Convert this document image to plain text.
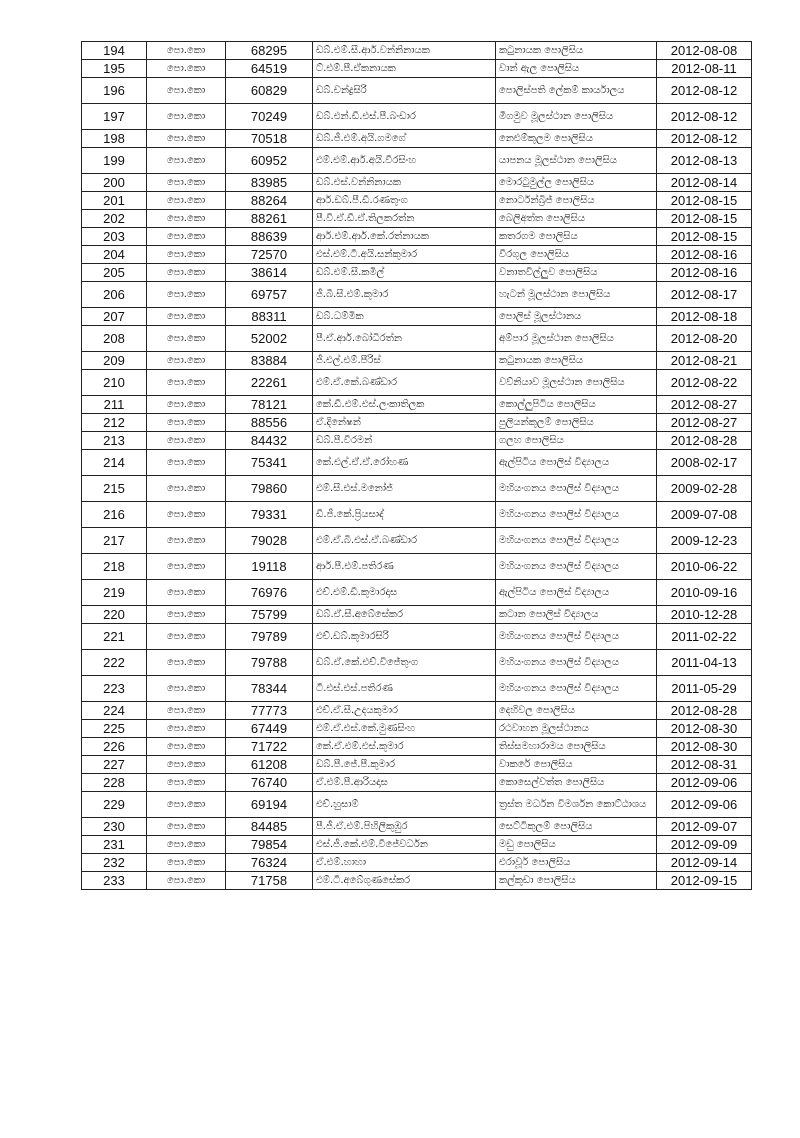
194	පො.කො	68295	ඩබ්.එම්.සී.ආර්.වන්නිනායක	කටුනායක පොලිසිය	2012-08-08
195	පො.කො	64519	ට්.එම්.පී.ඒකනායක	වාන් ඇල පොලිසිය	2012-08-11
196	පො.කො	60829	ඩබ්.චන්ද්‍රසිරි	පොලිස්පති ලේකම් කාර්යාලය	2012-08-12
197	පො.කො	70249	ඩබ්.එන්.ඩී.එස්.පී.බංඩාර	මීගමුව මූලස්ථාන පොලිසිය	2012-08-12
198	පො.කො	70518	ඩබ්.ජී.එම්.අයි.ගමගේ	නෙළුම්කුලම පොලිසිය	2012-08-12
199	පො.කො	60952	එම්.එම්.ආර්.අයි.වීරසිංහ	යාපනය මූලස්ථාන පොලිසිය	2012-08-13
200	පො.කො	83985	ඩබ්.එස්.වන්නිනායක	මොරටුමුල්ල පොලිසිය	2012-08-14
201	පො.කො	88264	ආර්.ඩබ්.පී.ඩී.රණතුංග	නොර්ටන්බ්‍රිජ් පොලිසිය	2012-08-15
202	පො.කො	88261	පී.වී.ඒ.ඩී.ඒ.තිලකරත්න	බෙලිඅත්ත පොලිසිය	2012-08-15
203	පො.කො	88639	ආර්.එම්.ආර්.කේ.රත්නායක	කතරගම පොලිසිය	2012-08-15
204	පො.කො	72570	එස්.එම්.ටී.අයි.සන්කුමාර	වීරගුල පොලිසිය	2012-08-16
205	පො.කො	38614	ඩබ්.එම්.සී.කමිල්	වනාතවිල්ලුව පොලිසිය	2012-08-16
206	පො.කො	69757	ජී.බී.සී.එම්.කුමාර	හැටන් මූලස්ථාන පොලිසිය	2012-08-17
207	පො.කො	88311	ඩබ්.ධම්මික	පොලිස් මූලස්ථානය	2012-08-18
208	පො.කො	52002	පී.ඒ.ආර්.බෝධිරත්න	අම්පාර මූලස්ථාන පොලිසිය	2012-08-20
209	පො.කො	83884	ජී.එල්.එම්.පීරිස්	කටුනායක පොලිසිය	2012-08-21
210	පො.කො	22261	එම්.ඒ.කේ.බණ්ඩාර	වව්නියාව මූලස්ථාන පොලිසිය	2012-08-22
211	පො.කො	78121	කේ.ඩී.එම්.එස්.ලංකාතිලක	කොල්ලුපිටිය පොලිසිය	2012-08-27
212	පො.කො	88556	ඒ.දිනේෂන්	පුලියන්කුලම් පොලිසිය	2012-08-27
213	පො.කො	84432	ඩබ්.පී.වීරමන්	ගලහ පොලිසිය	2012-08-28
214	පො.කො	75341	කේ.එල්.ඒ.ඒ.රෝහණ	ඇල්පිටිය පොලිස් විද්‍යාලය	2008-02-17
215	පො.කො	79860	එම්.සී.එස්.මනෝජ්	මහියංගනය පොලිස් විද්‍යාලය	2009-02-28
216	පො.කො	79331	ඩී.ජී.කේ.ප්‍රියසාද්	මහියංගනය පොලිස් විද්‍යාලය	2009-07-08
217	පො.කො	79028	එම්.ඒ.බී.එස්.ඒ.බණ්ඩාර	මහියංගනය පොලිස් විද්‍යාලය	2009-12-23
218	පො.කො	19118	ආර්.පී.එම්.පතිරණ	මහියංගනය පොලිස් විද්‍යාලය	2010-06-22
219	පො.කො	76976	එච්.එම්.ඩී.කුමාරදාස	ඇල්පිටිය පොලිස් විද්‍යාලය	2010-09-16
220	පො.කො	75799	ඩබ්.ඒ.සී.අබේසේකර	කටාන පොලිස් විද්‍යාලය	2010-12-28
221	පො.කො	79789	එච්.ඩබ්.කුමාරසිරි	මහියංගනය පොලිස් විද්‍යාලය	2011-02-22
222	පො.කො	79788	ඩබ්.ඒ.කේ.එච්.විජේතුංග	මහියංගනය පොලිස් විද්‍යාලය	2011-04-13
223	පො.කො	78344	ටී.එස්.එස්.පතිරණ	මහියංගනය පොලිස් විද්‍යාලය	2011-05-29
224	පො.කො	77773	එච්.ඒ.සී.උදයකුමාර	දෙහිවල පොලිසිය	2012-08-28
225	පො.කො	67449	එම්.ඒ.එස්.කේ.මුණසිංහ	රථවාහන මූලස්ථානය	2012-08-30
226	පො.කො	71722	කේ.ඒ.එම්.එස්.කුමාර	තිස්සමහාරාමය පොලිසිය	2012-08-30
227	පො.කො	61208	ඩබ්.පී.ජේ.පී.කුමාර	වාකරේ පොලිසිය	2012-08-31
228	පො.කො	76740	ඒ.එම්.පී.ආරියදාස	කොසෙල්වත්ත පොලිසිය	2012-09-06
229	පො.කො	69194	එච්.හුසාම්	ත්‍රස්ත මර්ධන විමර්ශන කොට්ඨාශය	2012-09-06
230	පො.කො	84485	පී.ජී.ඒ.එම්.පිහිලිකුඹුර	සෙට්ටිකුලම් පොලිසිය	2012-09-07
231	පො.කො	79854	එස්.ජී.කේ.එම්.වීජේවර්ධන	මඩු පොලිසිය	2012-09-09
232	පො.කො	76324	ඒ.එම්.හාහා	එරාවූර් පොලිසිය	2012-09-14
233	පො.කො	71758	එම්.ටී.අබේගුණසේකර	කල්කුඩා පොලිසිය	2012-09-15
